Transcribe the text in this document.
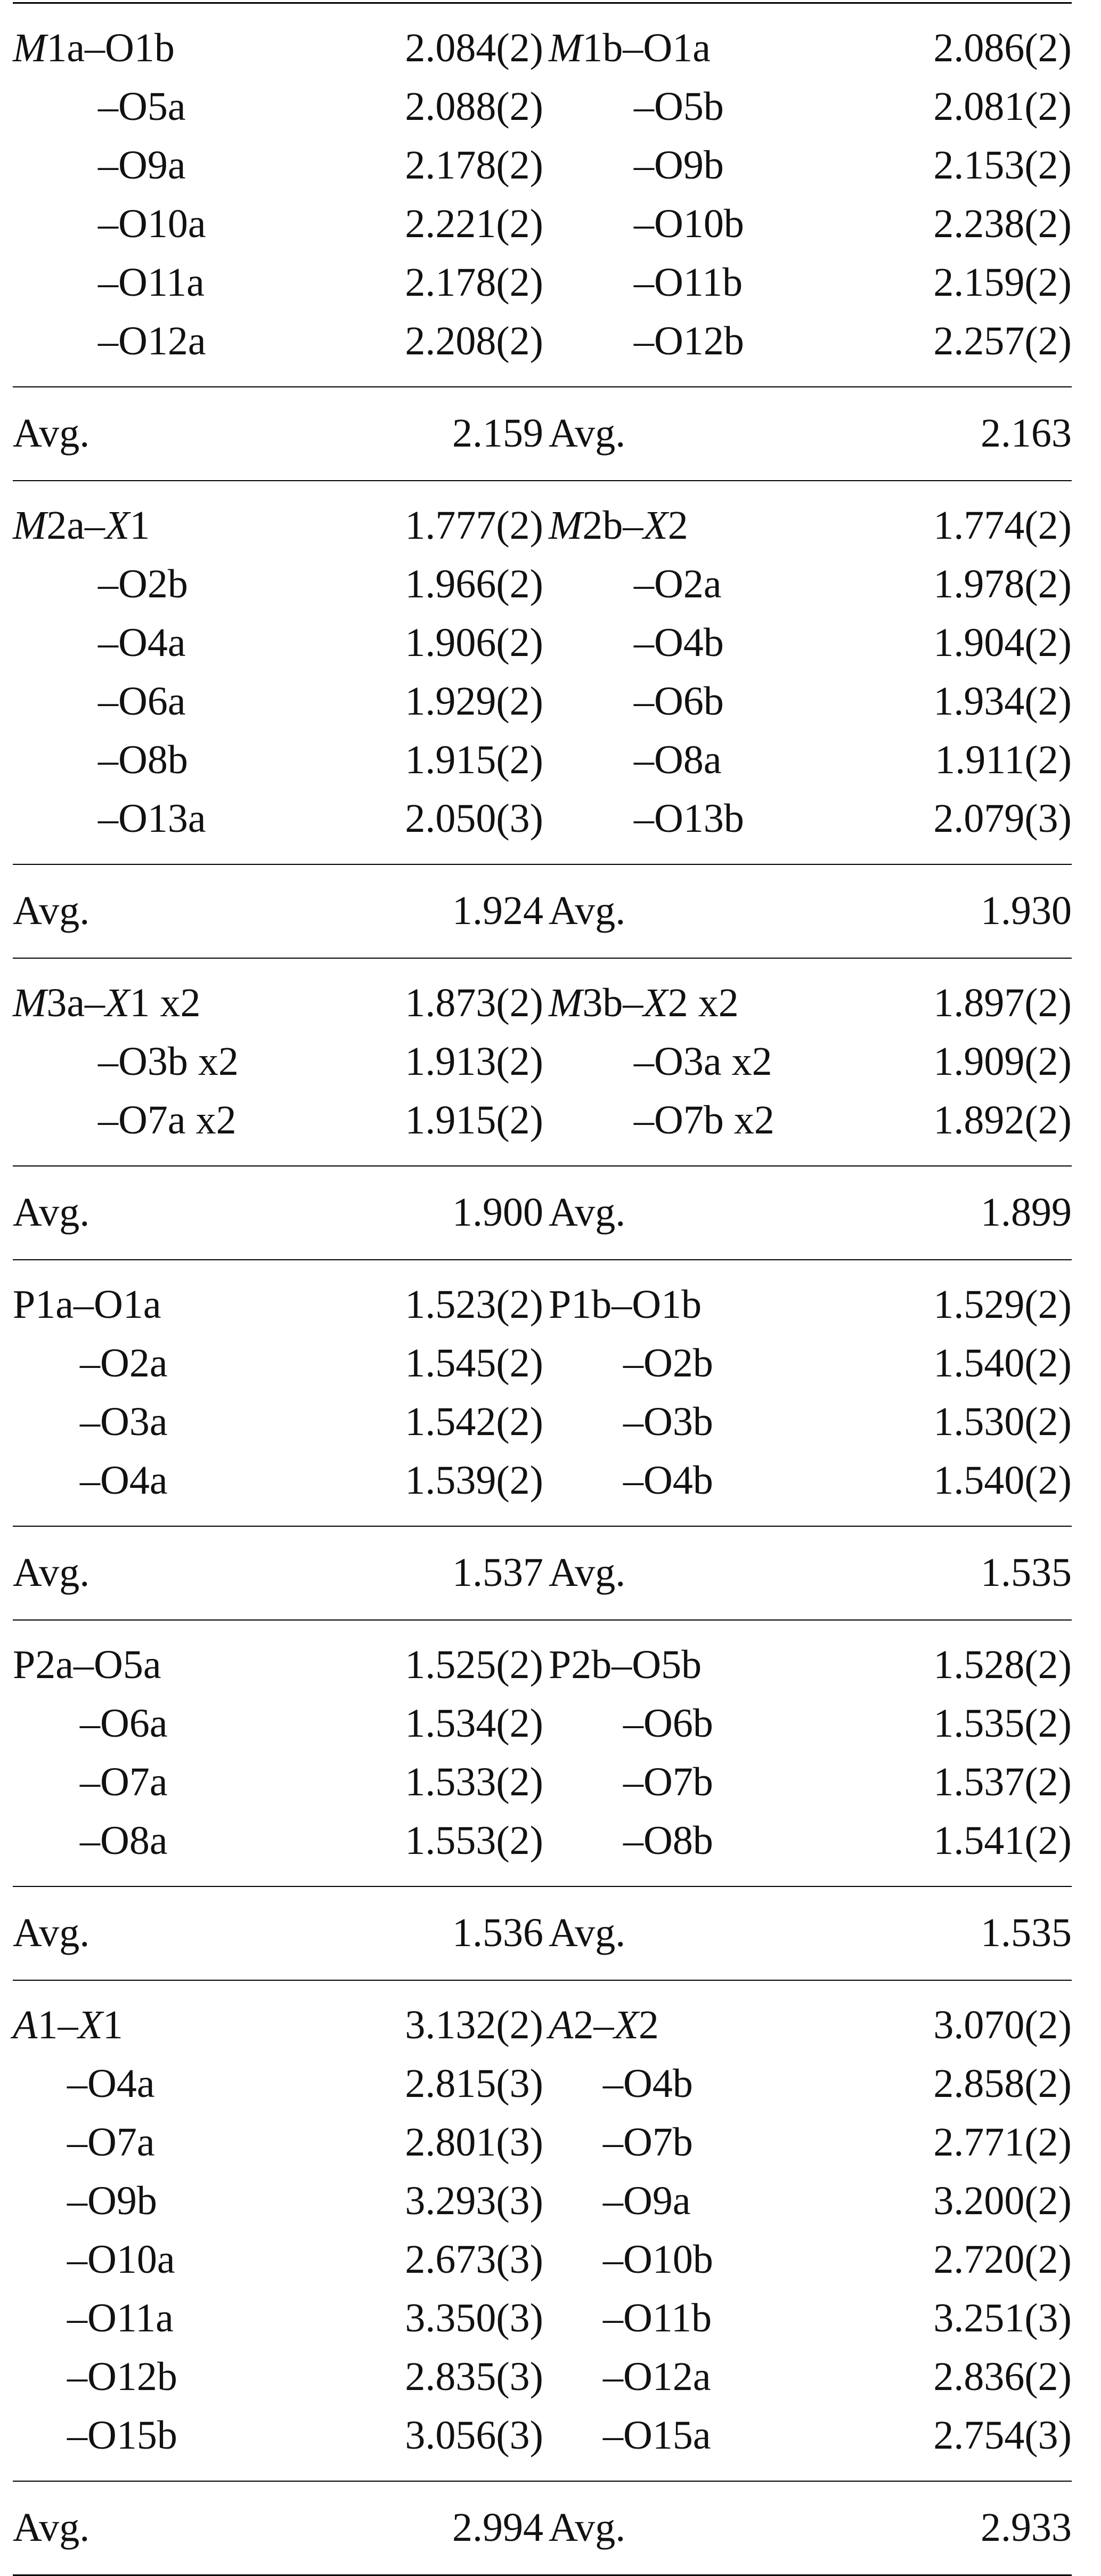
M1a–O1b	2.084(2) M1b–O1a	2.086(2)
–O5a	2.088(2)	–O5b	2.081(2)
–O9a	2.178(2)	–O9b	2.153(2)
–O10a	2.221(2)	–O10b	2.238(2)
–O11a	2.178(2)	–O11b	2.159(2)
–O12a	2.208(2)	–O12b	2.257(2)
Avg.	2.159 Avg.	2.163
M2a–X1	1.777(2) M2b–X2	1.774(2)
–O2b	1.966(2)	–O2a	1.978(2)
–O4a	1.906(2)	–O4b	1.904(2)
–O6a	1.929(2)	–O6b	1.934(2)
–O8b	1.915(2)	–O8a	1.911(2)
–O13a	2.050(3)	–O13b	2.079(3)
Avg.	1.924 Avg.	1.930
M3a–X1 x2	1.873(2) M3b–X2 x2	1.897(2)
–O3b x2	1.913(2)	–O3a x2	1.909(2)
–O7a x2	1.915(2)	–O7b x2	1.892(2)
Avg.	1.900 Avg.	1.899
P1a–O1a	1.523(2) P1b–O1b	1.529(2)
–O2a	1.545(2)	–O2b	1.540(2)
–O3a	1.542(2)	–O3b	1.530(2)
–O4a	1.539(2)	–O4b	1.540(2)
Avg.	1.537 Avg.	1.535
P2a–O5a	1.525(2) P2b–O5b	1.528(2)
–O6a	1.534(2)	–O6b	1.535(2)
–O7a	1.533(2)	–O7b	1.537(2)
–O8a	1.553(2)	–O8b	1.541(2)
Avg.	1.536 Avg.	1.535
A1–X1	3.132(2) A2–X2	3.070(2)
–O4a	2.815(3)	–O4b	2.858(2)
–O7a	2.801(3)	–O7b	2.771(2)
–O9b	3.293(3)	–O9a	3.200(2)
–O10a	2.673(3)	–O10b	2.720(2)
–O11a	3.350(3)	–O11b	3.251(3)
–O12b	2.835(3)	–O12a	2.836(2)
–O15b	3.056(3)	–O15a	2.754(3)
Avg.	2.994 Avg.	2.933
